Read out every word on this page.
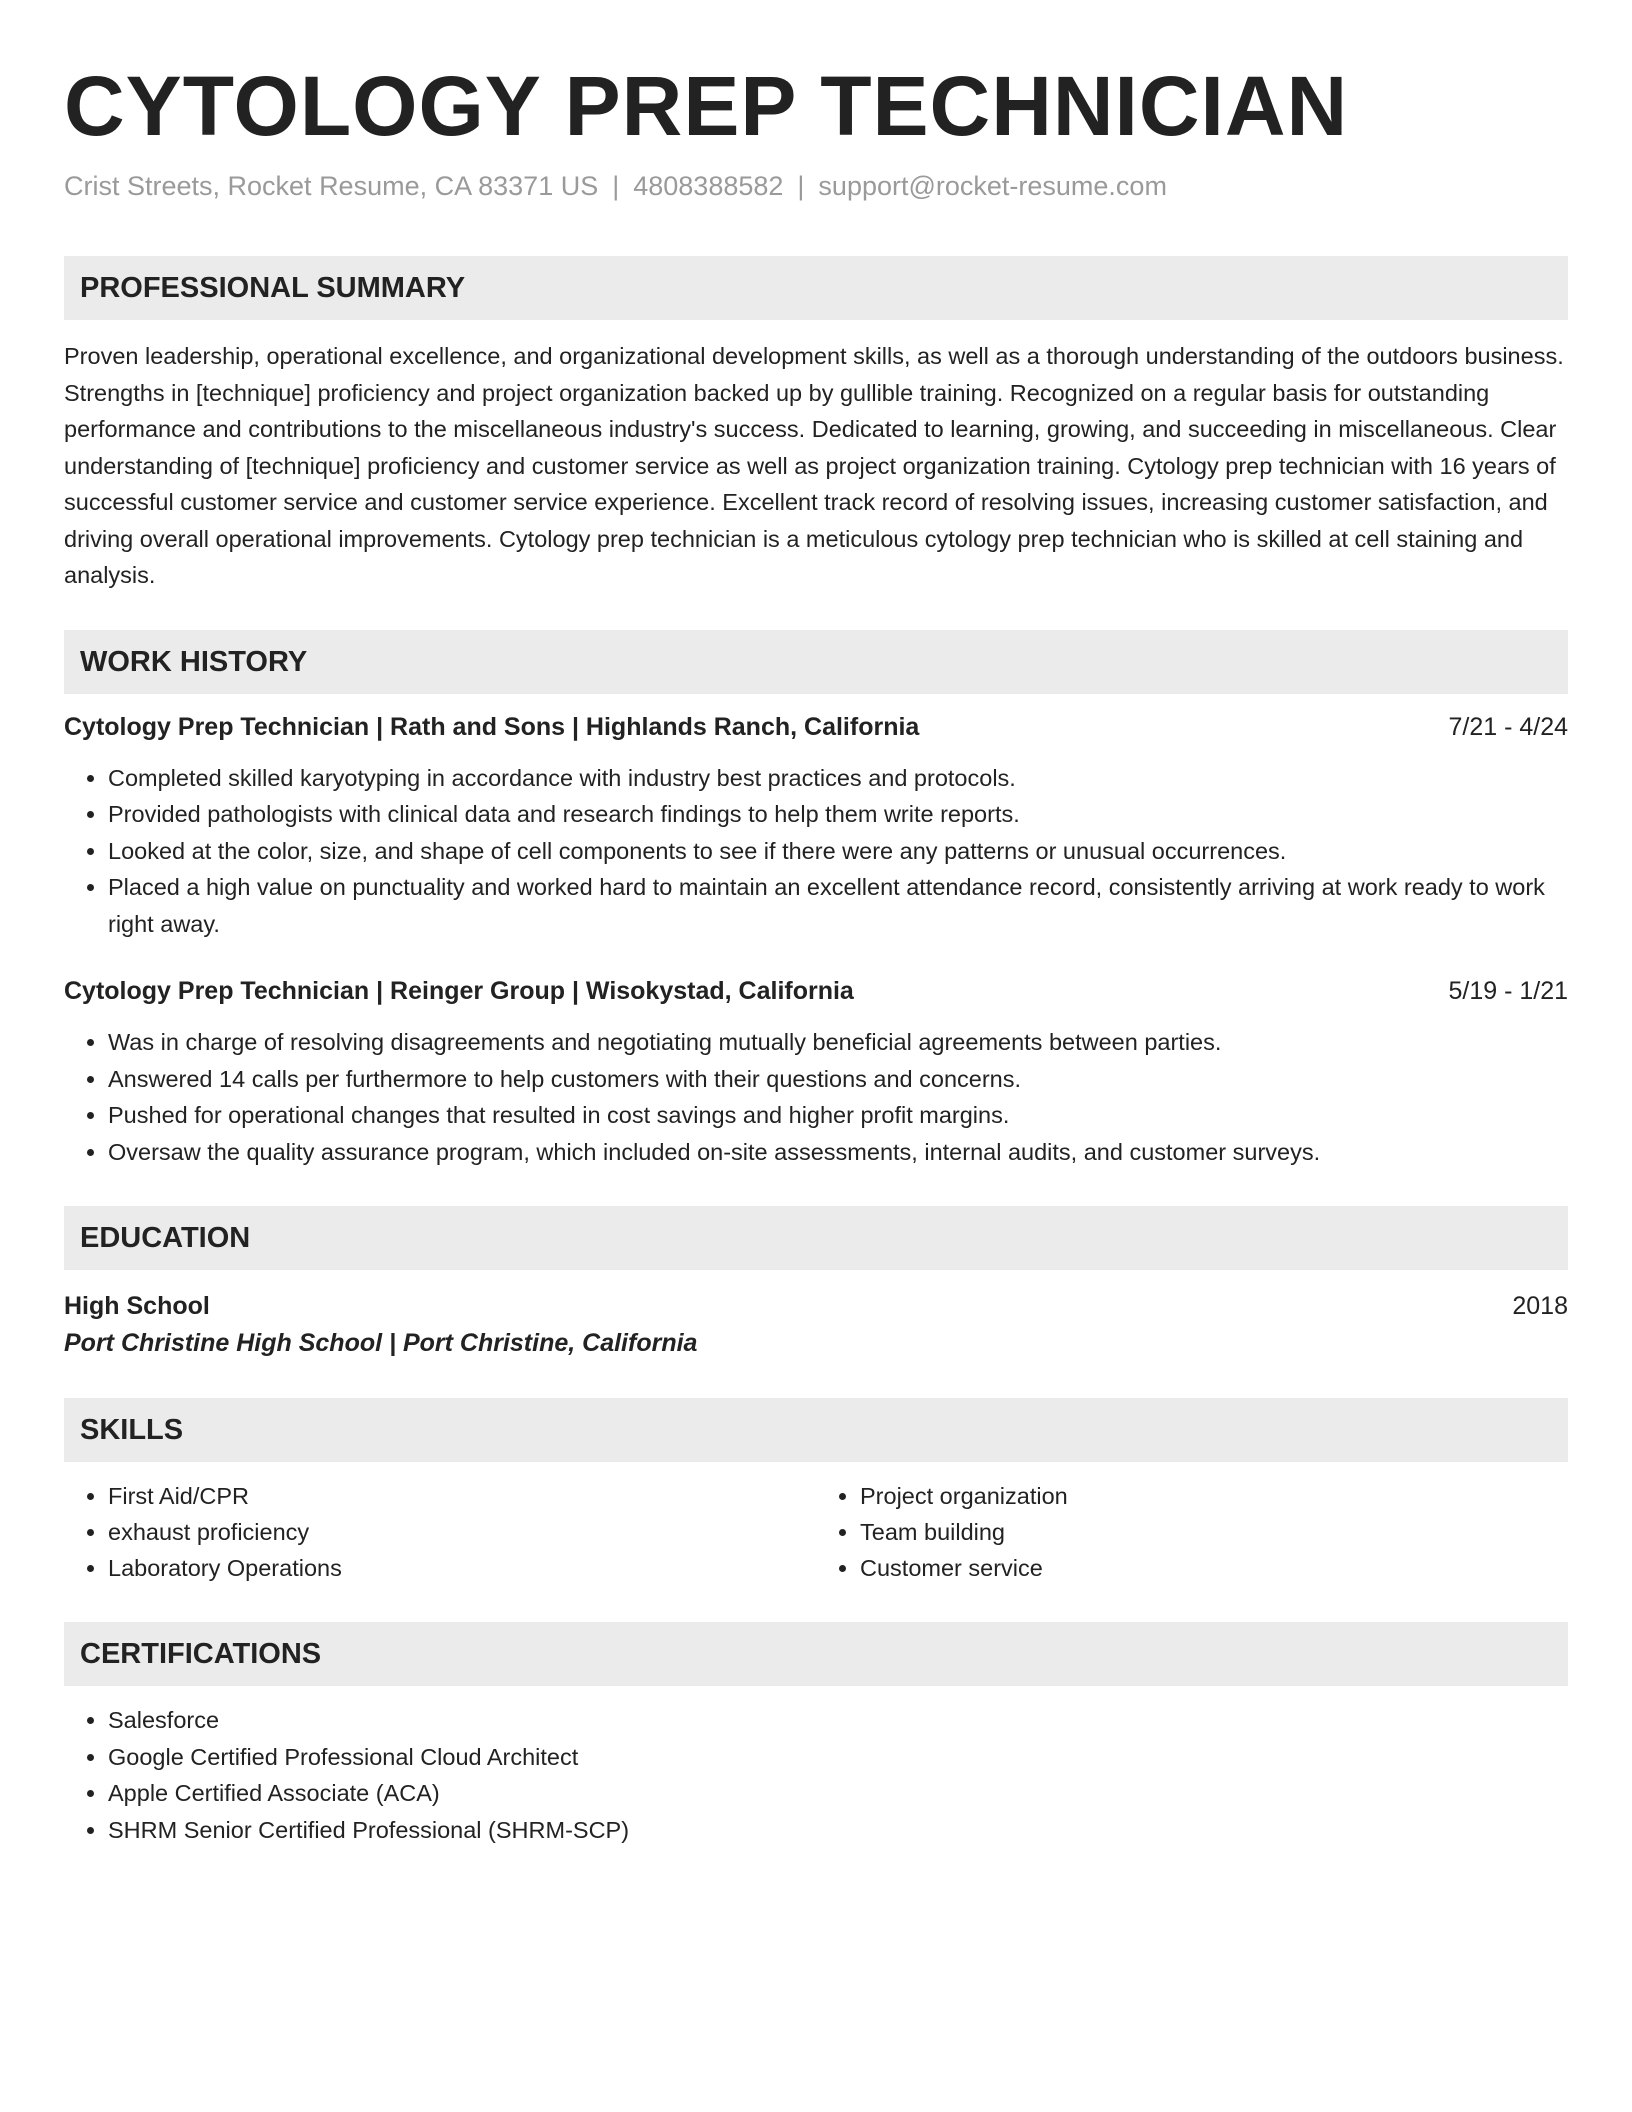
CYTOLOGY PREP TECHNICIAN
Crist Streets, Rocket Resume, CA 83371 US | 4808388582 | support@rocket-resume.com
PROFESSIONAL SUMMARY

Proven leadership, operational excellence, and organizational development skills, as well as a thorough understanding of the outdoors business. Strengths in [technique] proficiency and project organization backed up by gullible training. Recognized on a regular basis for outstanding performance and contributions to the miscellaneous industry's success. Dedicated to learning, growing, and succeeding in miscellaneous. Clear understanding of [technique] proficiency and customer service as well as project organization training. Cytology prep technician with 16 years of successful customer service and customer service experience. Excellent track record of resolving issues, increasing customer satisfaction, and driving overall operational improvements. Cytology prep technician is a meticulous cytology prep technician who is skilled at cell staining and analysis.

WORK HISTORY
Cytology Prep Technician | Rath and Sons | Highlands Ranch, California	7/21 - 4/24
• Completed skilled karyotyping in accordance with industry best practices and protocols.
• Provided pathologists with clinical data and research findings to help them write reports.
• Looked at the color, size, and shape of cell components to see if there were any patterns or unusual occurrences.
• Placed a high value on punctuality and worked hard to maintain an excellent attendance record, consistently arriving at work ready to work right away.
Cytology Prep Technician | Reinger Group | Wisokystad, California	5/19 - 1/21
• Was in charge of resolving disagreements and negotiating mutually beneficial agreements between parties.
• Answered 14 calls per furthermore to help customers with their questions and concerns.
• Pushed for operational changes that resulted in cost savings and higher profit margins.
• Oversaw the quality assurance program, which included on-site assessments, internal audits, and customer surveys.
EDUCATION
High School	2018
Port Christine High School | Port Christine, California
SKILLS
• First Aid/CPR
• exhaust proficiency
• Laboratory Operations
• Project organization
• Team building
• Customer service
CERTIFICATIONS
• Salesforce
• Google Certified Professional Cloud Architect
• Apple Certified Associate (ACA)
• SHRM Senior Certified Professional (SHRM-SCP)
